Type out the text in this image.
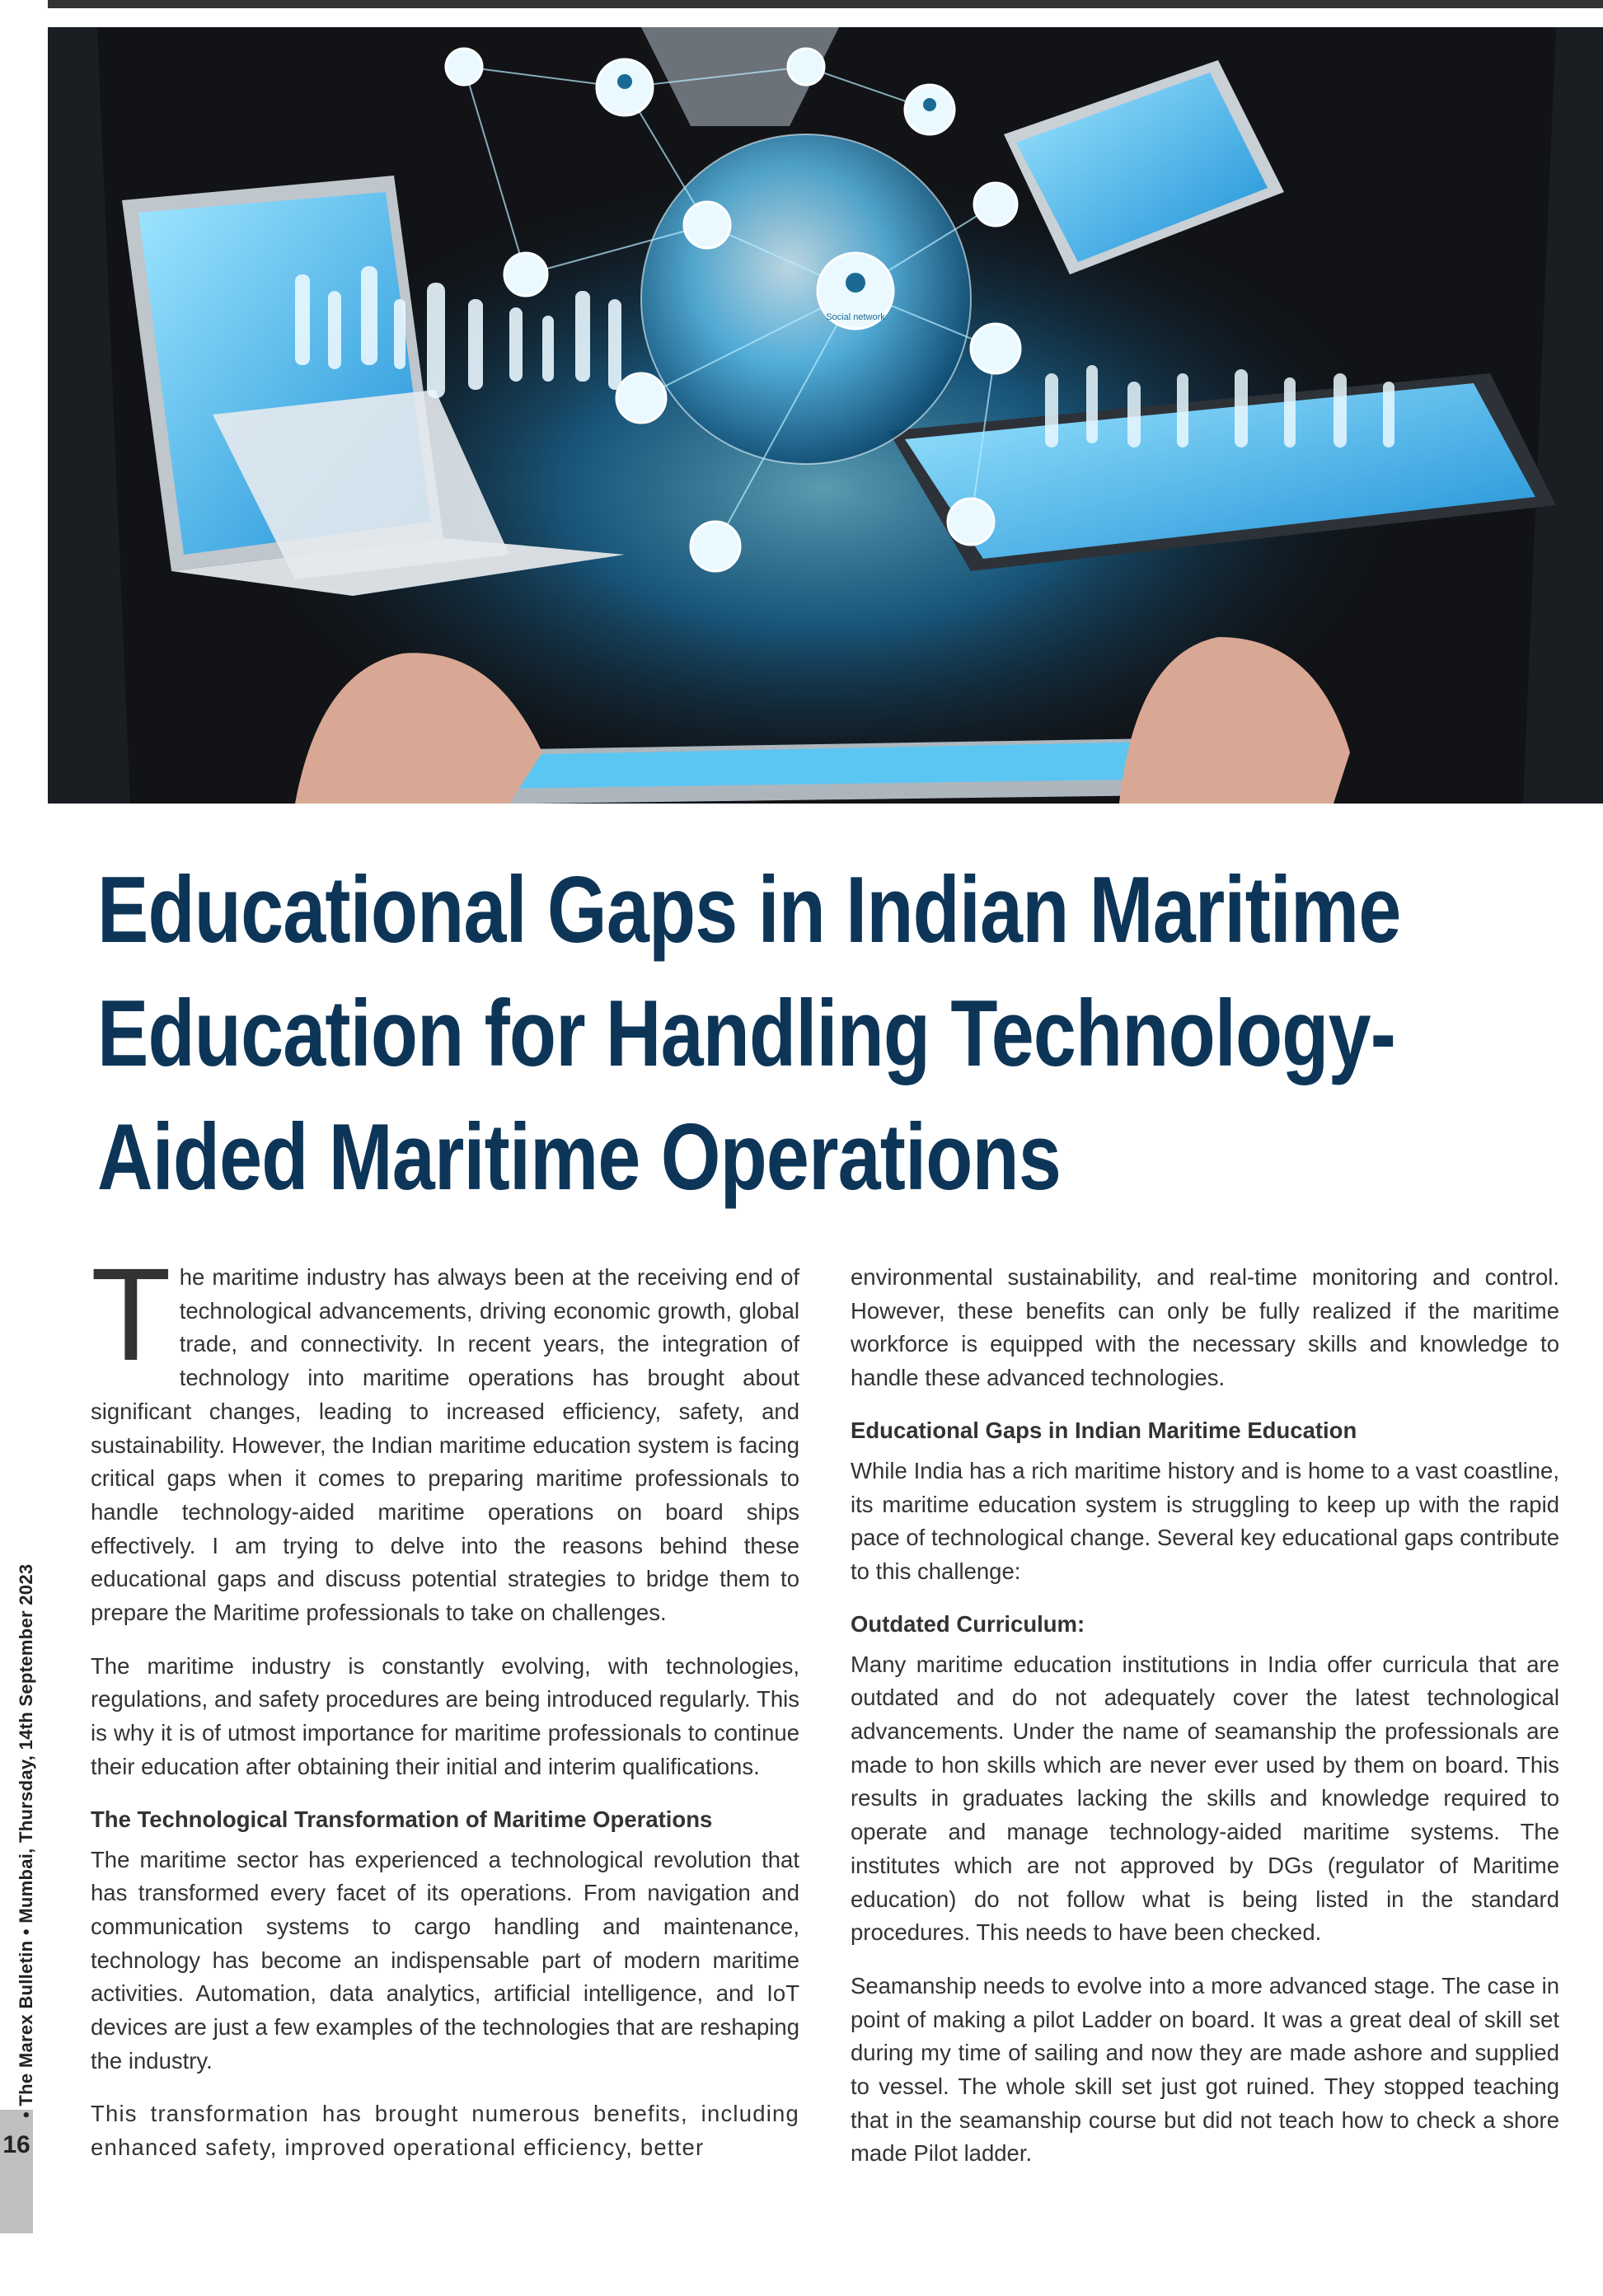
Social network
• The Marex Bulletin • Mumbai, Thursday, 14th September 2023
16
Educational Gaps in Indian Maritime Education for Handling Technology-Aided Maritime Operations

The maritime industry has always been at the receiving end of technological advancements, driving economic growth, global trade, and connectivity. In recent years, the integration of technology into maritime operations has brought about significant changes, leading to increased efficiency, safety, and sustainability. However, the Indian maritime education system is facing critical gaps when it comes to preparing maritime professionals to handle technology-aided maritime operations on board ships effectively. I am trying to delve into the reasons behind these educational gaps and discuss potential strategies to bridge them to prepare the Maritime professionals to take on challenges.

The maritime industry is constantly evolving, with technologies, regulations, and safety procedures are being introduced regularly. This is why it is of utmost importance for maritime professionals to continue their education after obtaining their initial and interim qualifications.

The Technological Transformation of Maritime Operations

The maritime sector has experienced a technological revolution that has transformed every facet of its operations. From navigation and communication systems to cargo handling and maintenance, technology has become an indispensable part of modern maritime activities. Automation, data analytics, artificial intelligence, and IoT devices are just a few examples of the technologies that are reshaping the industry.

This transformation has brought numerous benefits, including enhanced safety, improved operational efficiency, better

environmental sustainability, and real-time monitoring and control. However, these benefits can only be fully realized if the maritime workforce is equipped with the necessary skills and knowledge to handle these advanced technologies.

Educational Gaps in Indian Maritime Education

While India has a rich maritime history and is home to a vast coastline, its maritime education system is struggling to keep up with the rapid pace of technological change. Several key educational gaps contribute to this challenge:

Outdated Curriculum:

Many maritime education institutions in India offer curricula that are outdated and do not adequately cover the latest technological advancements. Under the name of seamanship the professionals are made to hon skills which are never ever used by them on board. This results in graduates lacking the skills and knowledge required to operate and manage technology-aided maritime systems. The institutes which are not approved by DGs (regulator of Maritime education) do not follow what is being listed in the standard procedures. This needs to have been checked.

Seamanship needs to evolve into a more advanced stage. The case in point of making a pilot Ladder on board. It was a great deal of skill set during my time of sailing and now they are made ashore and supplied to vessel. The whole skill set just got ruined. They stopped teaching that in the seamanship course but did not teach how to check a shore made Pilot ladder.
